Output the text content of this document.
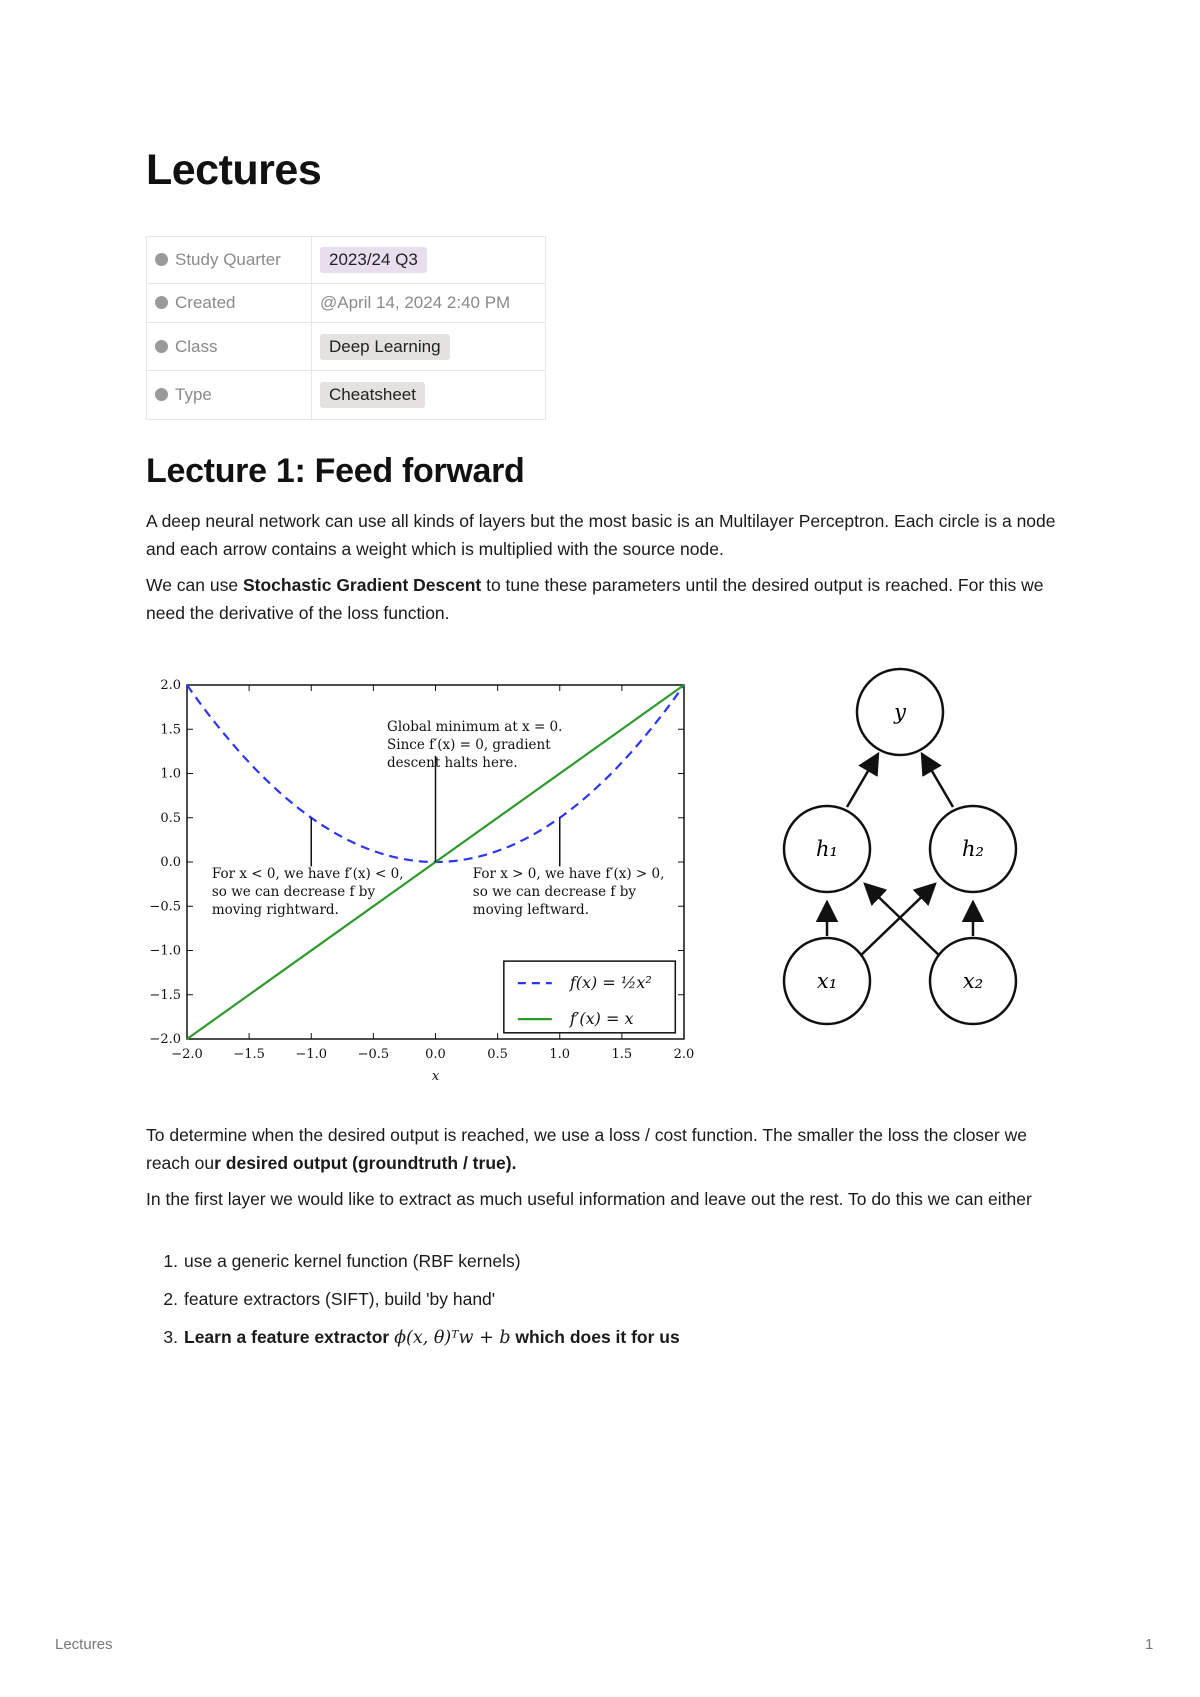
Lectures
Study Quarter	2023/24 Q3
Created	@April 14, 2024 2:40 PM
Class	Deep Learning
Type	Cheatsheet
Lecture 1: Feed forward

A deep neural network can use all kinds of layers but the most basic is an Multilayer Perceptron. Each circle is a node and each arrow contains a weight which is multiplied with the source node.

We can use Stochastic Gradient Descent to tune these parameters until the desired output is reached. For this we need the derivative of the loss function.

−2.0 −1.5 −1.0 −0.5	0.0	0.5	1.0	1.5	2.0
2.0
1.5
1.0
0.5
0.0
−0.5
−1.0
−1.5
−2.0
x
Global minimum at x = 0.
Since f′(x) = 0, gradient
descent halts here.
For x < 0, we have f′(x) < 0,
so we can decrease f by
moving rightward.
For x > 0, we have f′(x) > 0,
so we can decrease f by
moving leftward.
f(x) = ½x²
f′(x) = x
y
h₁	h₂
x₁	x₂

To determine when the desired output is reached, we use a loss / cost function. The smaller the loss the closer we reach our desired output (groundtruth / true).

In the first layer we would like to extract as much useful information and leave out the rest. To do this we can either

1. use a generic kernel function (RBF kernels)
2. feature extractors (SIFT), build 'by hand'
3. Learn a feature extractor ϕ(x, θ)ᵀw + b which does it for us
Lectures	1
